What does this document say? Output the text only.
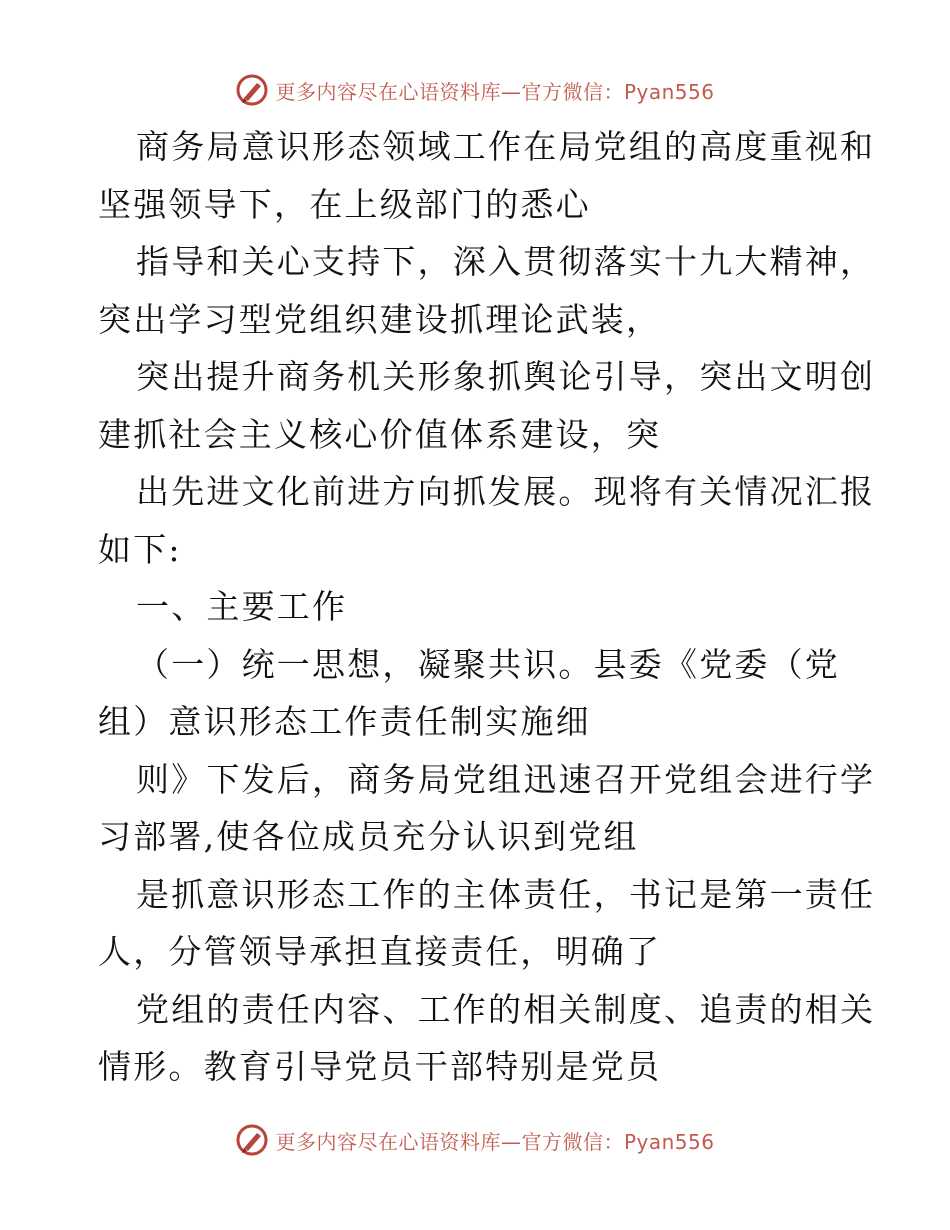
更多内容尽在心语资料库—官方微信：Pyan556

商务局意识形态领域工作在局党组的高度重视和
坚强领导下，在上级部门的悉心
指导和关心支持下，深入贯彻落实十九大精神，
突出学习型党组织建设抓理论武装，
突出提升商务机关形象抓舆论引导，突出文明创
建抓社会主义核心价值体系建设，突
出先进文化前进方向抓发展。现将有关情况汇报
如下:
一、主要工作
（一）统一思想，凝聚共识。县委《党委（党
组）意识形态工作责任制实施细
则》下发后，商务局党组迅速召开党组会进行学
习部署,使各位成员充分认识到党组
是抓意识形态工作的主体责任，书记是第一责任
人，分管领导承担直接责任，明确了
党组的责任内容、工作的相关制度、追责的相关
情形。教育引导党员干部特别是党员

更多内容尽在心语资料库—官方微信：Pyan556
